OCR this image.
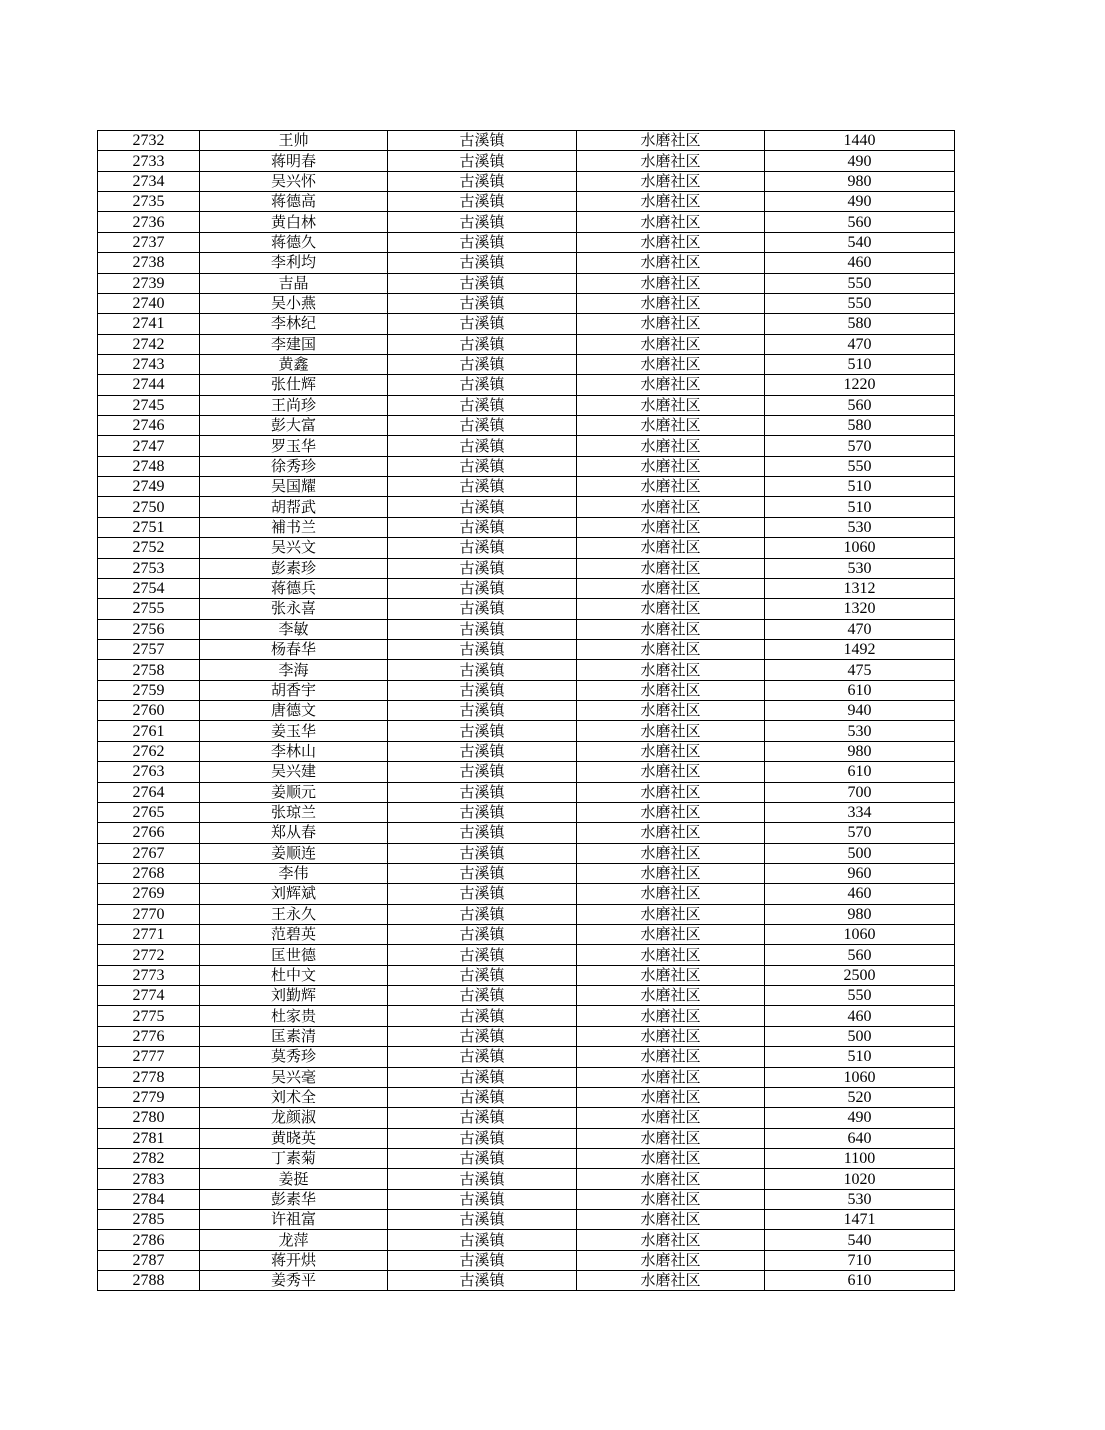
2732	王帅	古溪镇	水磨社区	1440
2733	蒋明春	古溪镇	水磨社区	490
2734	吴兴怀	古溪镇	水磨社区	980
2735	蒋德高	古溪镇	水磨社区	490
2736	黄白林	古溪镇	水磨社区	560
2737	蒋德久	古溪镇	水磨社区	540
2738	李利均	古溪镇	水磨社区	460
2739	吉晶	古溪镇	水磨社区	550
2740	吴小燕	古溪镇	水磨社区	550
2741	李林纪	古溪镇	水磨社区	580
2742	李建国	古溪镇	水磨社区	470
2743	黄鑫	古溪镇	水磨社区	510
2744	张仕辉	古溪镇	水磨社区	1220
2745	王尚珍	古溪镇	水磨社区	560
2746	彭大富	古溪镇	水磨社区	580
2747	罗玉华	古溪镇	水磨社区	570
2748	徐秀珍	古溪镇	水磨社区	550
2749	吴国耀	古溪镇	水磨社区	510
2750	胡帮武	古溪镇	水磨社区	510
2751	補书兰	古溪镇	水磨社区	530
2752	吴兴文	古溪镇	水磨社区	1060
2753	彭素珍	古溪镇	水磨社区	530
2754	蒋德兵	古溪镇	水磨社区	1312
2755	张永喜	古溪镇	水磨社区	1320
2756	李敏	古溪镇	水磨社区	470
2757	杨春华	古溪镇	水磨社区	1492
2758	李海	古溪镇	水磨社区	475
2759	胡香宇	古溪镇	水磨社区	610
2760	唐德文	古溪镇	水磨社区	940
2761	姜玉华	古溪镇	水磨社区	530
2762	李林山	古溪镇	水磨社区	980
2763	吴兴建	古溪镇	水磨社区	610
2764	姜顺元	古溪镇	水磨社区	700
2765	张琼兰	古溪镇	水磨社区	334
2766	郑从春	古溪镇	水磨社区	570
2767	姜顺连	古溪镇	水磨社区	500
2768	李伟	古溪镇	水磨社区	960
2769	刘辉斌	古溪镇	水磨社区	460
2770	王永久	古溪镇	水磨社区	980
2771	范碧英	古溪镇	水磨社区	1060
2772	匡世德	古溪镇	水磨社区	560
2773	杜中文	古溪镇	水磨社区	2500
2774	刘勤辉	古溪镇	水磨社区	550
2775	杜家贵	古溪镇	水磨社区	460
2776	匡素清	古溪镇	水磨社区	500
2777	莫秀珍	古溪镇	水磨社区	510
2778	吴兴毫	古溪镇	水磨社区	1060
2779	刘术全	古溪镇	水磨社区	520
2780	龙颜淑	古溪镇	水磨社区	490
2781	黄晓英	古溪镇	水磨社区	640
2782	丁素菊	古溪镇	水磨社区	1100
2783	姜挺	古溪镇	水磨社区	1020
2784	彭素华	古溪镇	水磨社区	530
2785	许祖富	古溪镇	水磨社区	1471
2786	龙萍	古溪镇	水磨社区	540
2787	蒋开烘	古溪镇	水磨社区	710
2788	姜秀平	古溪镇	水磨社区	610
